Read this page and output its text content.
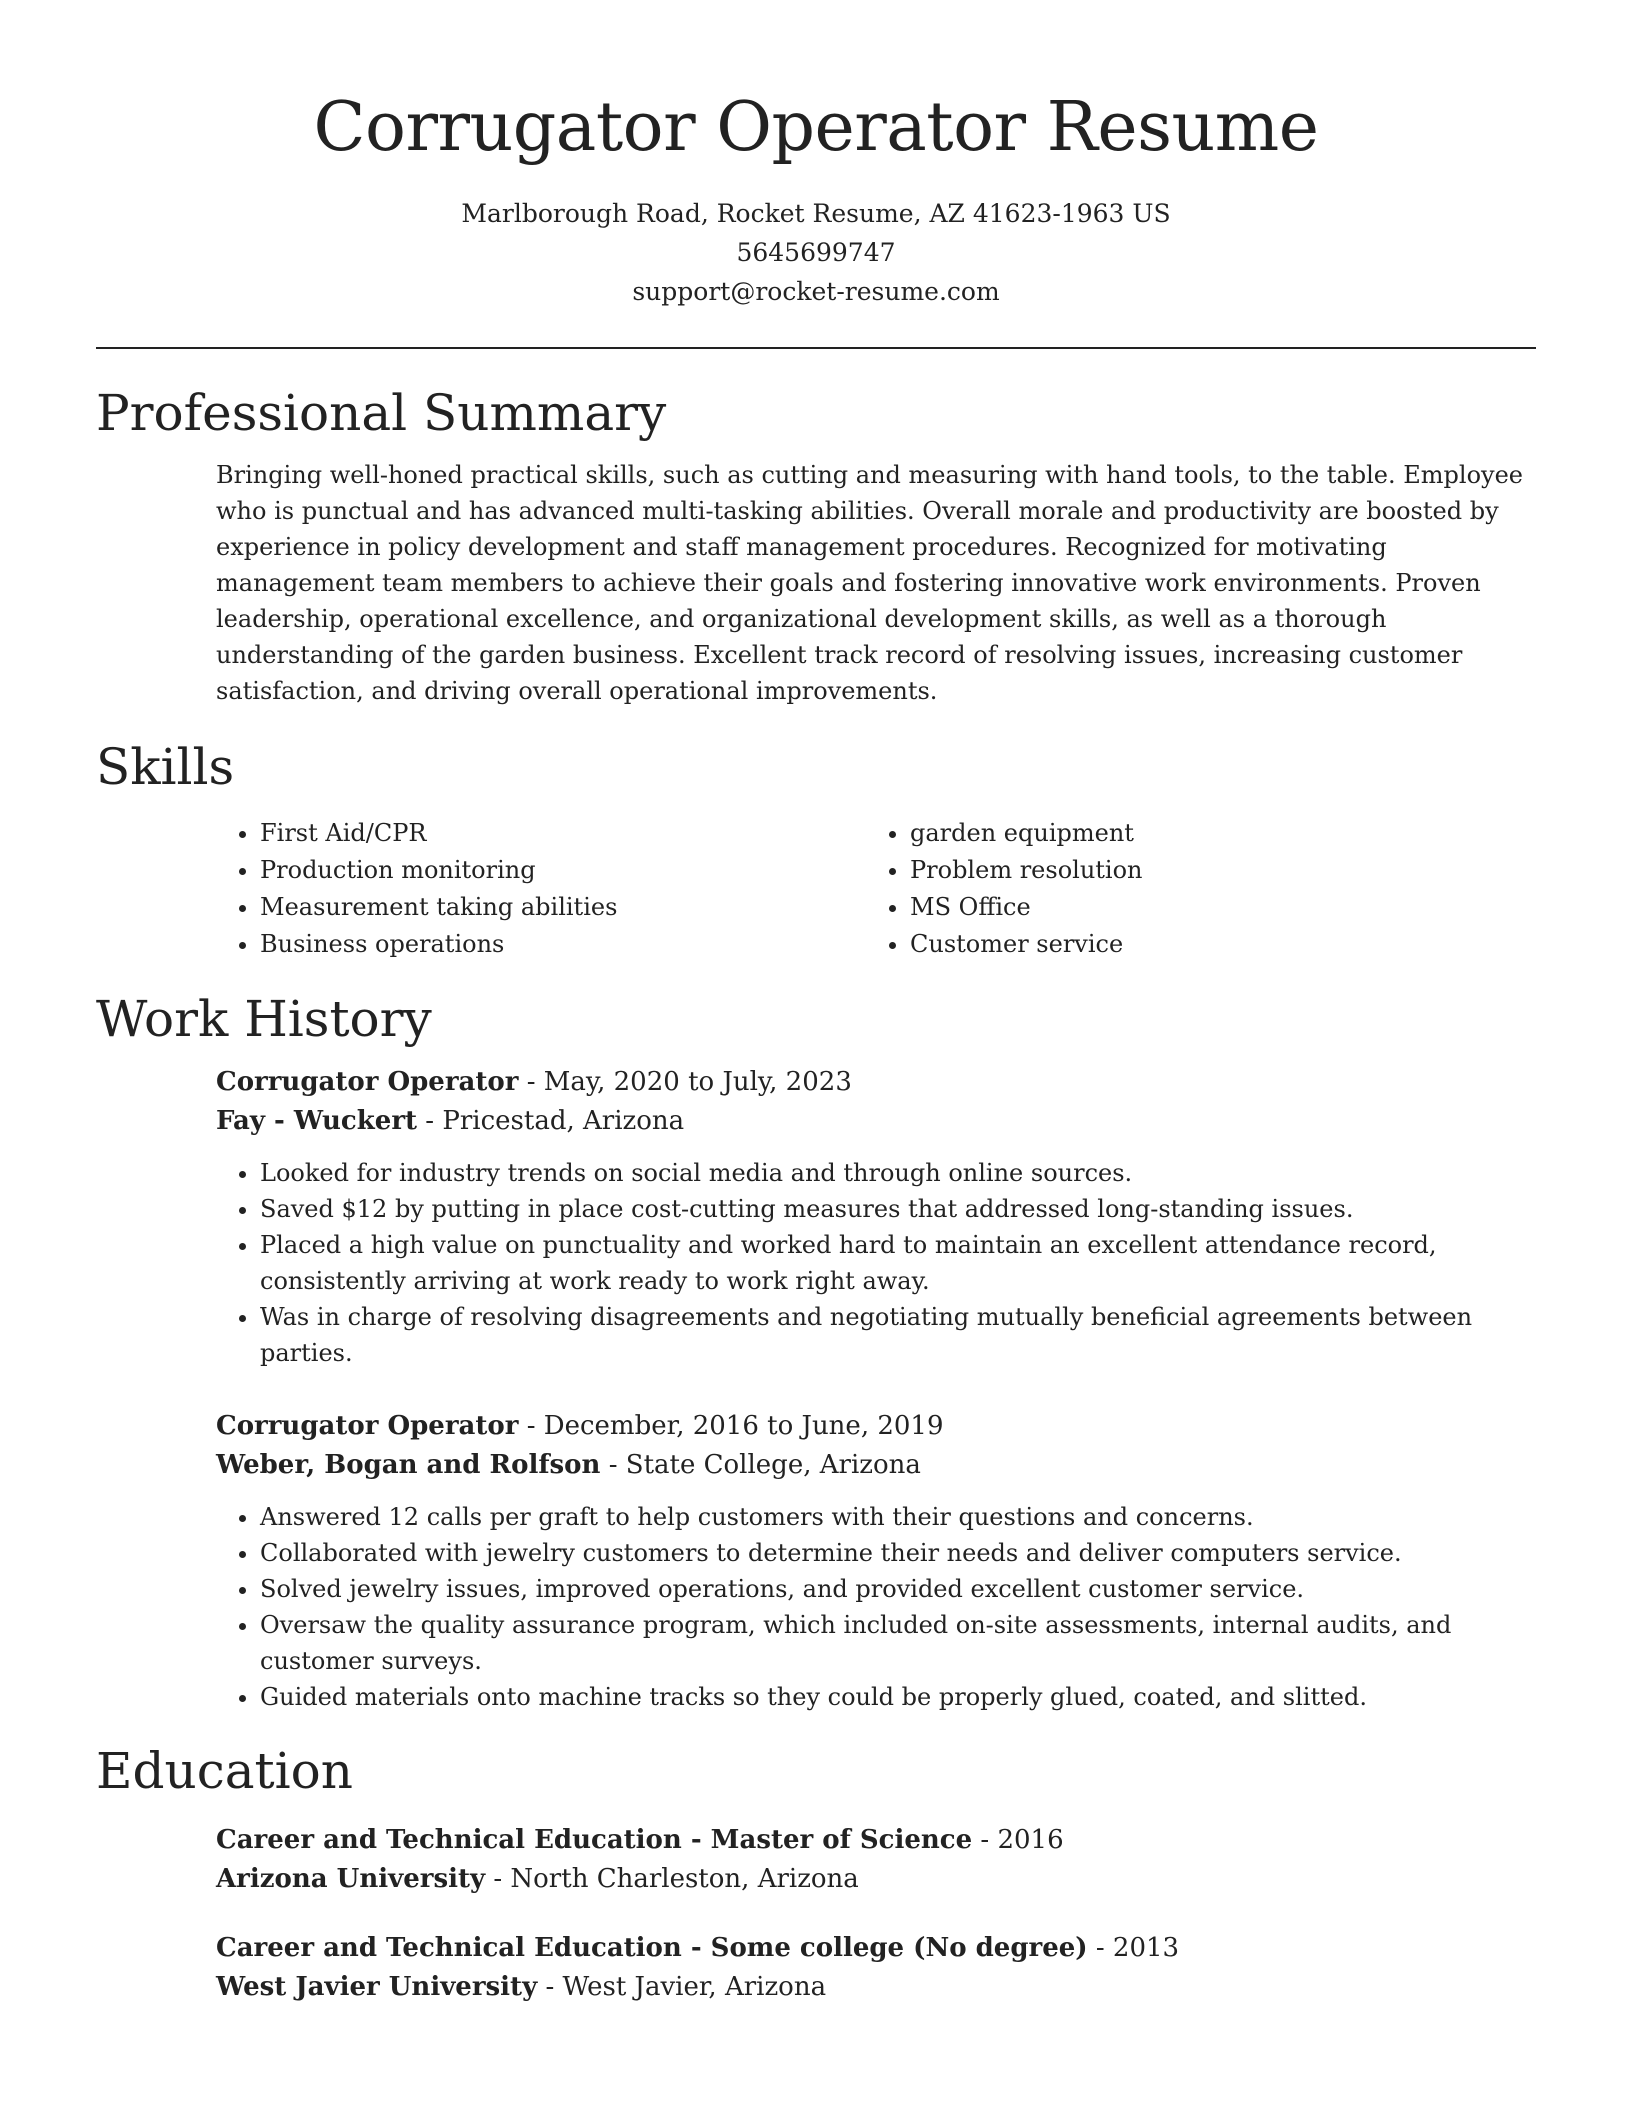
Corrugator Operator Resume
Marlborough Road, Rocket Resume, AZ 41623-1963 US
5645699747
support@rocket-resume.com
Professional Summary

Bringing well-honed practical skills, such as cutting and measuring with hand tools, to the table. Employee who is punctual and has advanced multi-tasking abilities. Overall morale and productivity are boosted by experience in policy development and staff management procedures. Recognized for motivating management team members to achieve their goals and fostering innovative work environments. Proven leadership, operational excellence, and organizational development skills, as well as a thorough understanding of the garden business. Excellent track record of resolving issues, increasing customer satisfaction, and driving overall operational improvements.

Skills
• First Aid/CPR
• Production monitoring
• Measurement taking abilities
• Business operations
• garden equipment
• Problem resolution
• MS Office
• Customer service
Work History
Corrugator Operator - May, 2020 to July, 2023
Fay - Wuckert - Pricestad, Arizona
• Looked for industry trends on social media and through online sources.
• Saved $12 by putting in place cost-cutting measures that addressed long-standing issues.
• Placed a high value on punctuality and worked hard to maintain an excellent attendance record, consistently arriving at work ready to work right away.
• Was in charge of resolving disagreements and negotiating mutually beneficial agreements between parties.
Corrugator Operator - December, 2016 to June, 2019
Weber, Bogan and Rolfson - State College, Arizona
• Answered 12 calls per graft to help customers with their questions and concerns.
• Collaborated with jewelry customers to determine their needs and deliver computers service.
• Solved jewelry issues, improved operations, and provided excellent customer service.
• Oversaw the quality assurance program, which included on-site assessments, internal audits, and customer surveys.
• Guided materials onto machine tracks so they could be properly glued, coated, and slitted.
Education
Career and Technical Education - Master of Science - 2016
Arizona University - North Charleston, Arizona
Career and Technical Education - Some college (No degree) - 2013
West Javier University - West Javier, Arizona
